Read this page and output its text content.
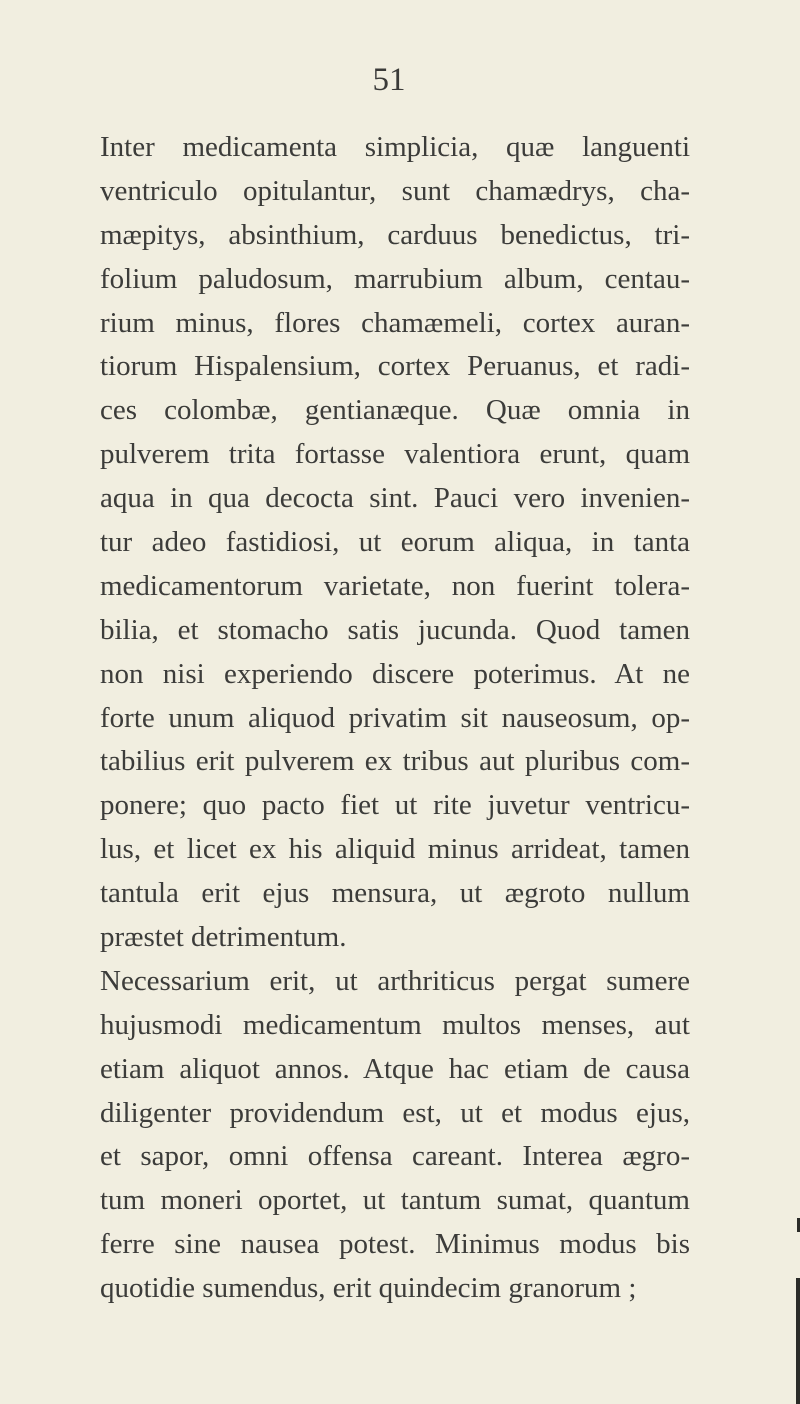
51
Inter medicamenta simplicia, quæ languenti
ventriculo opitulantur, sunt chamædrys, cha-
mæpitys, absinthium, carduus benedictus, tri-
folium paludosum, marrubium album, centau-
rium minus, flores chamæmeli, cortex auran-
tiorum Hispalensium, cortex Peruanus, et radi-
ces colombæ, gentianæque. Quæ omnia in
pulverem trita fortasse valentiora erunt, quam
aqua in qua decocta sint. Pauci vero invenien-
tur adeo fastidiosi, ut eorum aliqua, in tanta
medicamentorum varietate, non fuerint tolera-
bilia, et stomacho satis jucunda. Quod tamen
non nisi experiendo discere poterimus. At ne
forte unum aliquod privatim sit nauseosum, op-
tabilius erit pulverem ex tribus aut pluribus com-
ponere; quo pacto fiet ut rite juvetur ventricu-
lus, et licet ex his aliquid minus arrideat, tamen
tantula erit ejus mensura, ut ægroto nullum
præstet detrimentum.
Necessarium erit, ut arthriticus pergat sumere
hujusmodi medicamentum multos menses, aut
etiam aliquot annos. Atque hac etiam de causa
diligenter providendum est, ut et modus ejus,
et sapor, omni offensa careant. Interea ægro-
tum moneri oportet, ut tantum sumat, quantum
ferre sine nausea potest. Minimus modus bis
quotidie sumendus, erit quindecim granorum ;
